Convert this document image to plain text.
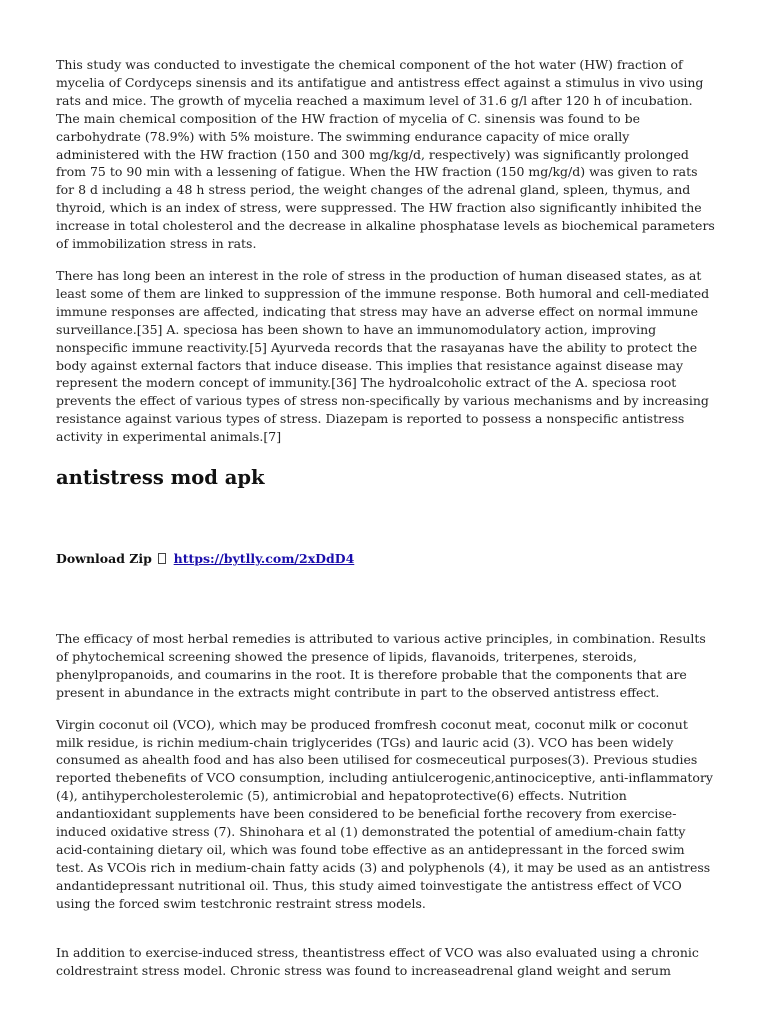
This study was conducted to investigate the chemical component of the hot water (HW) fraction of mycelia of Cordyceps sinensis and its antifatigue and antistress effect against a stimulus in vivo using rats and mice. The growth of mycelia reached a maximum level of 31.6 g/l after 120 h of incubation. The main chemical composition of the HW fraction of mycelia of C. sinensis was found to be carbohydrate (78.9%) with 5% moisture. The swimming endurance capacity of mice orally administered with the HW fraction (150 and 300 mg/kg/d, respectively) was significantly prolonged from 75 to 90 min with a lessening of fatigue. When the HW fraction (150 mg/kg/d) was given to rats for 8 d including a 48 h stress period, the weight changes of the adrenal gland, spleen, thymus, and thyroid, which is an index of stress, were suppressed. The HW fraction also significantly inhibited the increase in total cholesterol and the decrease in alkaline phosphatase levels as biochemical parameters of immobilization stress in rats.

There has long been an interest in the role of stress in the production of human diseased states, as at least some of them are linked to suppression of the immune response. Both humoral and cell-mediated immune responses are affected, indicating that stress may have an adverse effect on normal immune surveillance.[35] A. speciosa has been shown to have an immunomodulatory action, improving nonspecific immune reactivity.[5] Ayurveda records that the rasayanas have the ability to protect the body against external factors that induce disease. This implies that resistance against disease may represent the modern concept of immunity.[36] The hydroalcoholic extract of the A. speciosa root prevents the effect of various types of stress non-specifically by various mechanisms and by increasing resistance against various types of stress. Diazepam is reported to possess a nonspecific antistress activity in experimental animals.[7]

antistress mod apk
Download Zip https://bytlly.com/2xDdD4

The efficacy of most herbal remedies is attributed to various active principles, in combination. Results of phytochemical screening showed the presence of lipids, flavanoids, triterpenes, steroids, phenylpropanoids, and coumarins in the root. It is therefore probable that the components that are present in abundance in the extracts might contribute in part to the observed antistress effect.

Virgin coconut oil (VCO), which may be produced fromfresh coconut meat, coconut milk or coconut milk residue, is richin medium-chain triglycerides (TGs) and lauric acid (3). VCO has been widely consumed as ahealth food and has also been utilised for cosmeceutical purposes(3). Previous studies reported thebenefits of VCO consumption, including antiulcerogenic,antinociceptive, anti-inflammatory (4), antihypercholesterolemic (5), antimicrobial and hepatoprotective(6) effects. Nutrition andantioxidant supplements have been considered to be beneficial forthe recovery from exercise-induced oxidative stress (7). Shinohara et al (1) demonstrated the potential of amedium-chain fatty acid-containing dietary oil, which was found tobe effective as an antidepressant in the forced swim test. As VCOis rich in medium-chain fatty acids (3) and polyphenols (4), it may be used as an antistress andantidepressant nutritional oil. Thus, this study aimed toinvestigate the antistress effect of VCO using the forced swim testchronic restraint stress models.

In addition to exercise-induced stress, theantistress effect of VCO was also evaluated using a chronic coldrestraint stress model. Chronic stress was found to increaseadrenal gland weight and serum
